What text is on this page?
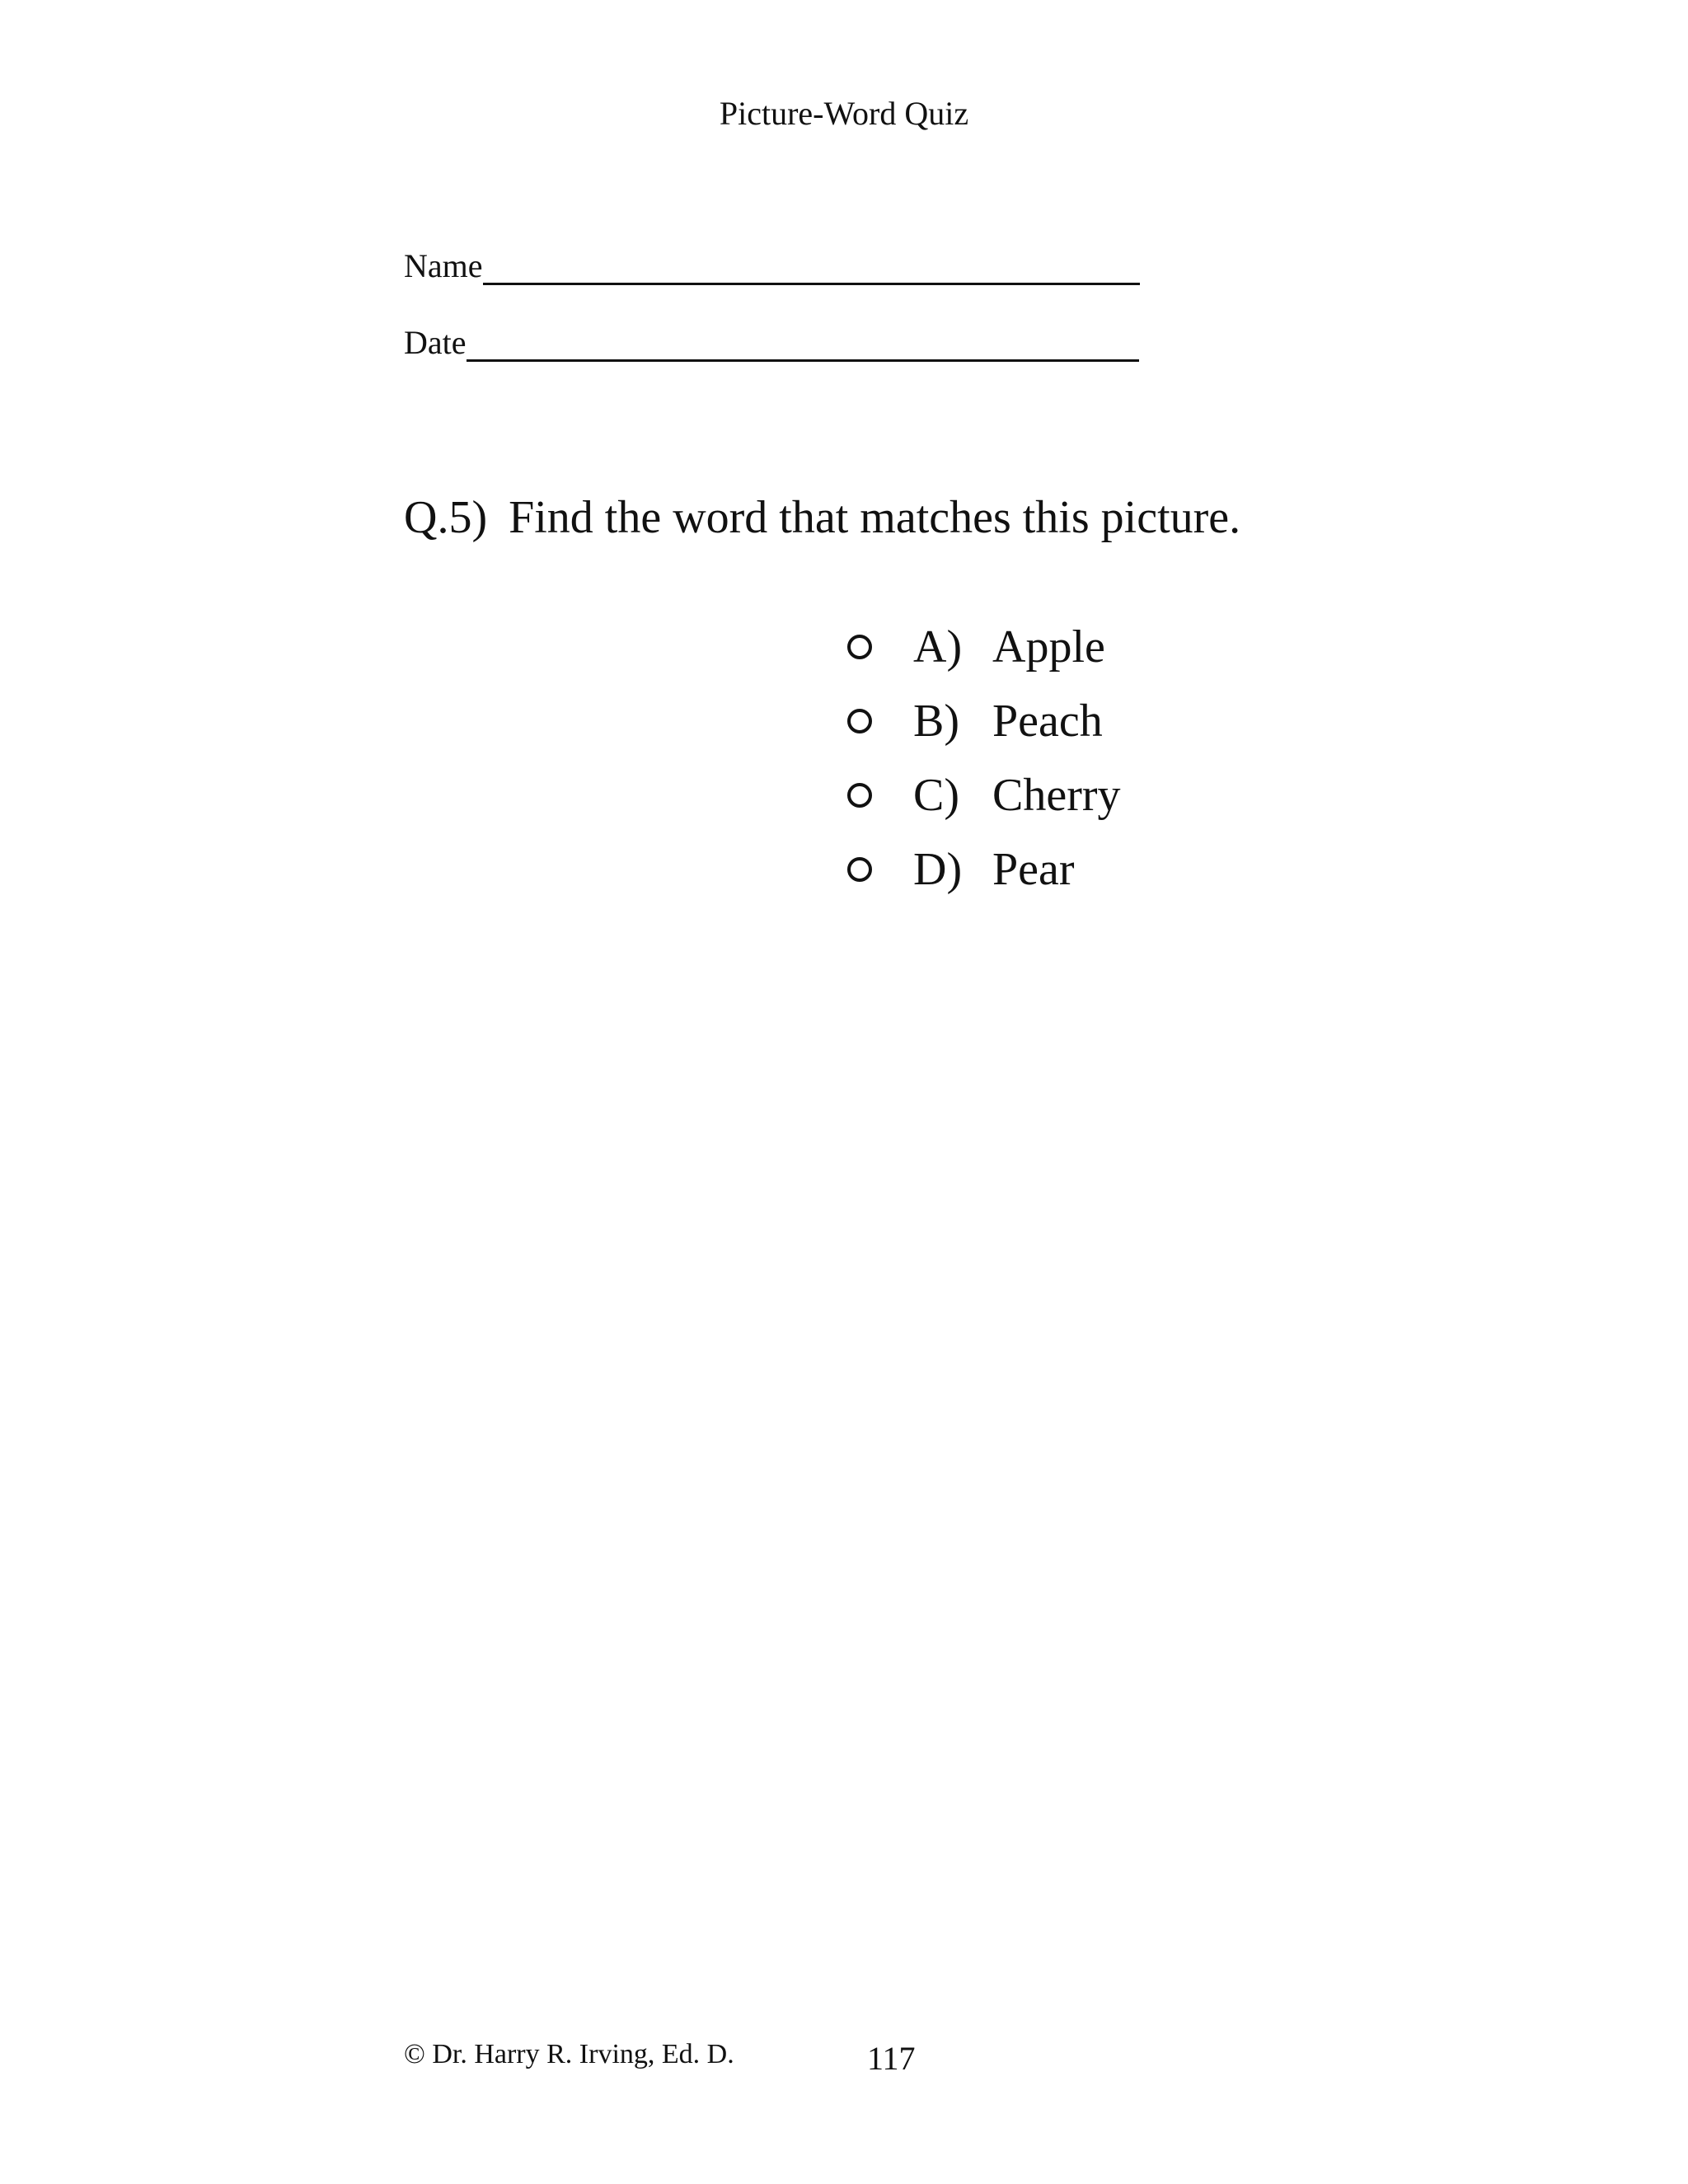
Picture-Word Quiz
Name
Date
Q.5) Find the word that matches this picture.
A) Apple
B) Peach
C) Cherry
D) Pear
© Dr. Harry R. Irving, Ed. D.	117
